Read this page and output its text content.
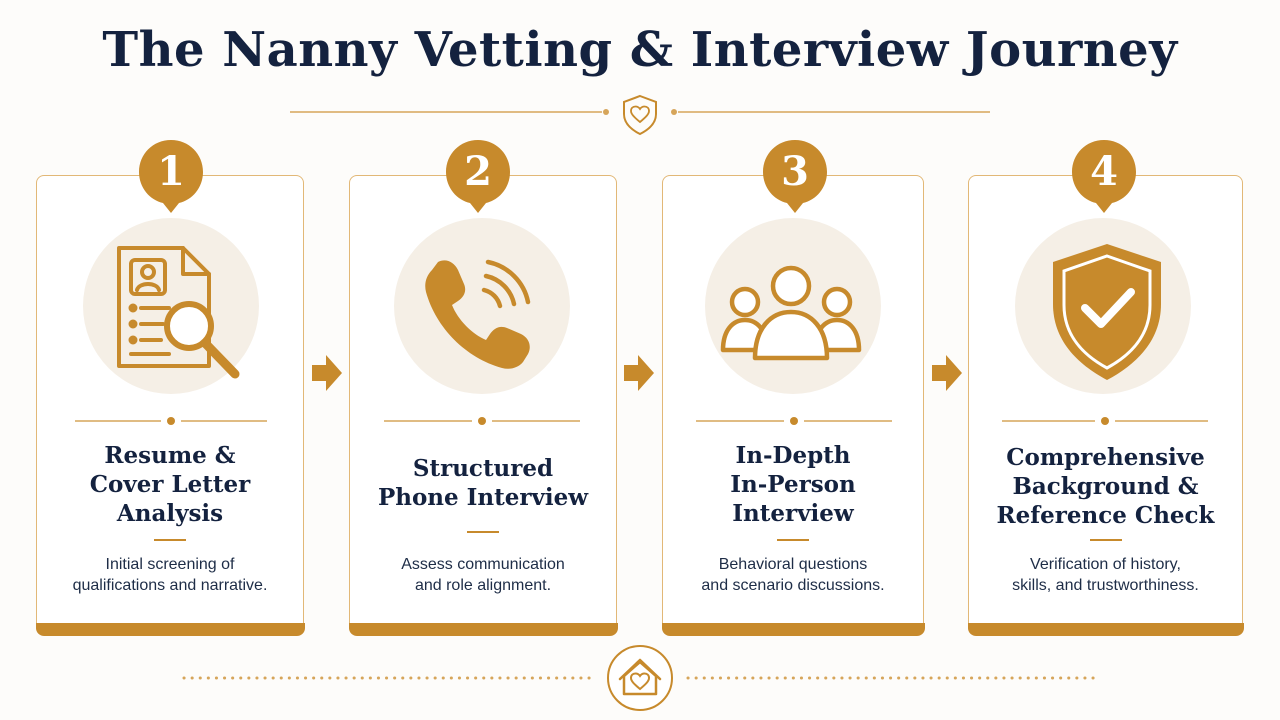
The Nanny Vetting & Interview Journey
Resume &
Cover Letter
Analysis
Initial screening of
qualifications and narrative.
Structured
Phone Interview
Assess communication
and role alignment.
In-Depth
In-Person
Interview
Behavioral questions
and scenario discussions.
Comprehensive
Background &
Reference Check
Verification of history,
skills, and trustworthiness.
1	2	3	4
